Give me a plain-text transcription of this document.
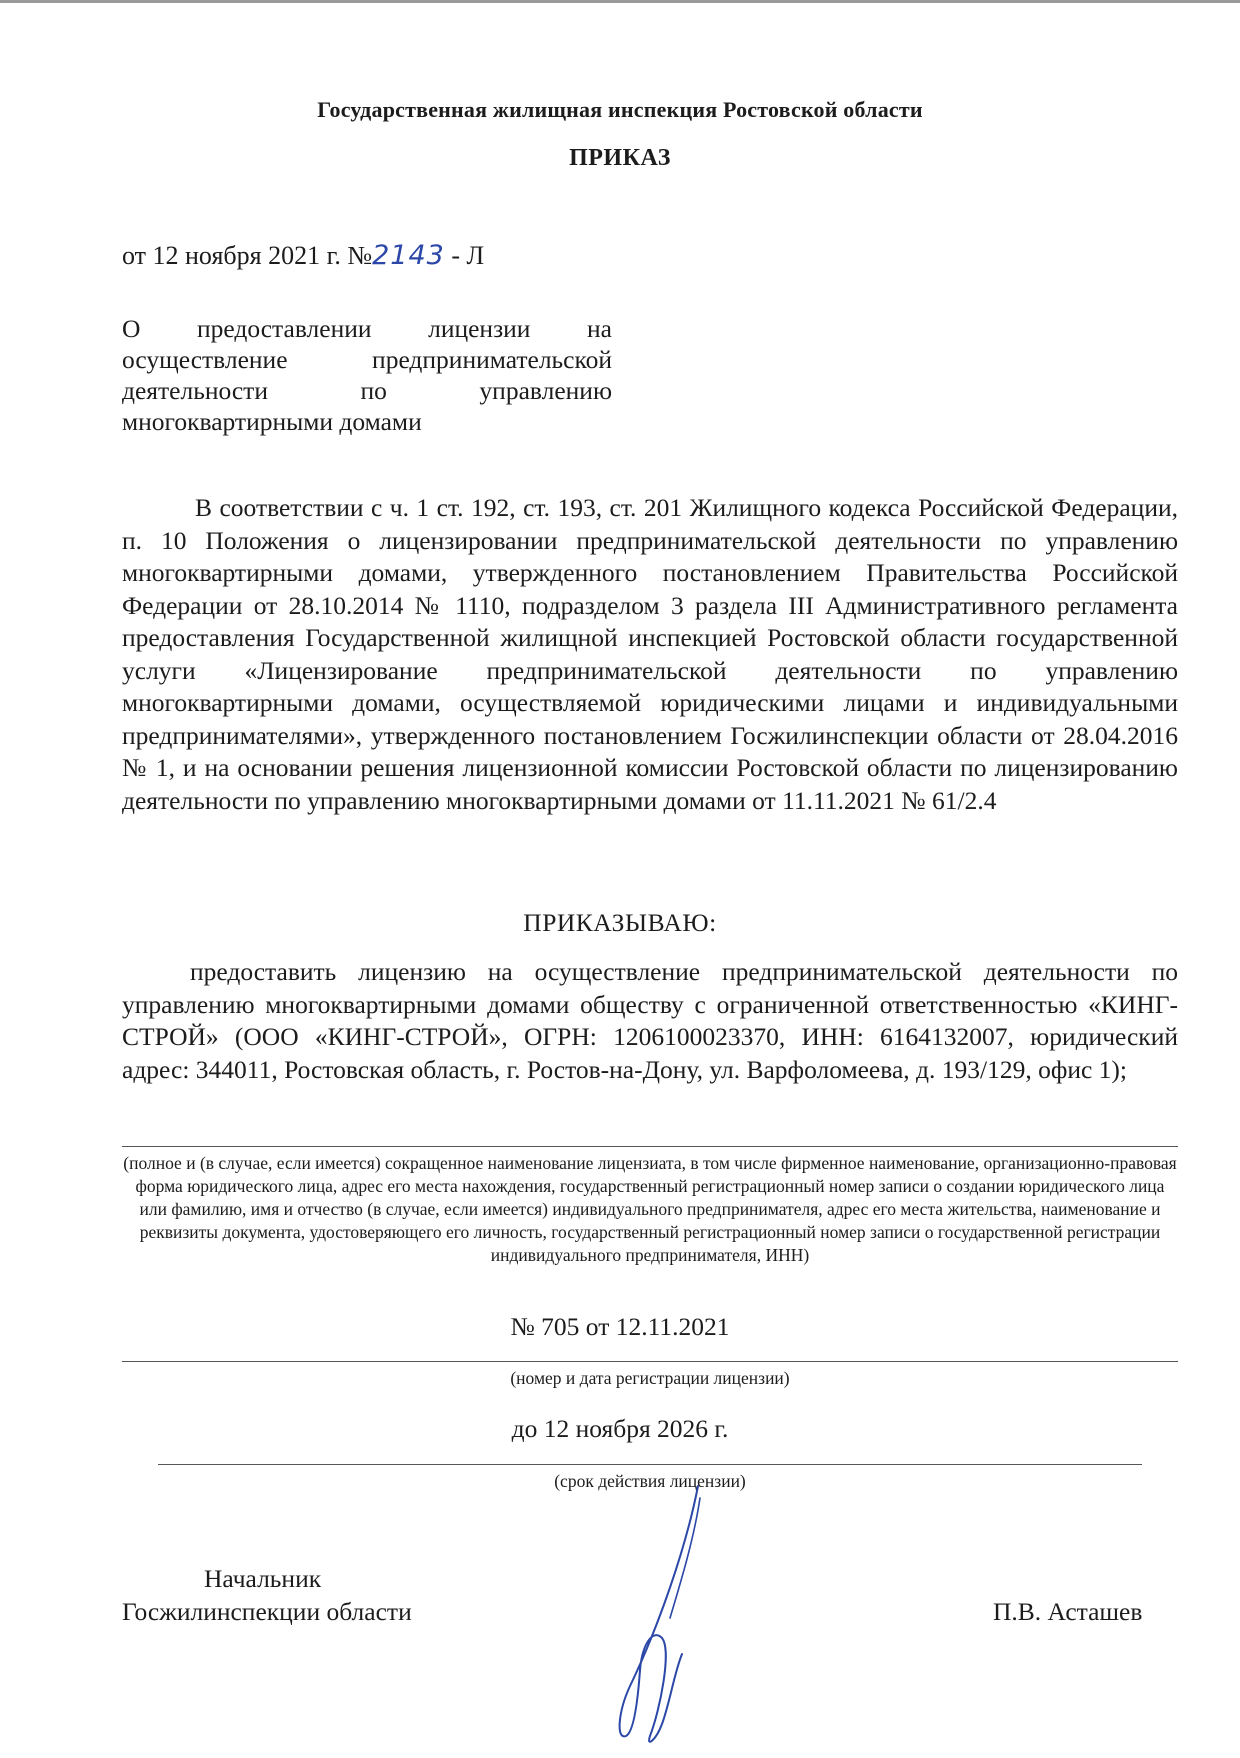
Государственная жилищная инспекция Ростовской области
ПРИКАЗ
от 12 ноября 2021 г. №2143 - Л
О предоставлении лицензии на осуществление предпринимательской деятельности по управлению многоквартирными домами
В соответствии с ч. 1 ст. 192, ст. 193, ст. 201 Жилищного кодекса Российской Федерации, п. 10 Положения о лицензировании предпринимательской деятельности по управлению многоквартирными домами, утвержденного постановлением Правительства Российской Федерации от 28.10.2014 № 1110, подразделом 3 раздела III Административного регламента предоставления Государственной жилищной инспекцией Ростовской области государственной услуги «Лицензирование предпринимательской деятельности по управлению многоквартирными домами, осуществляемой юридическими лицами и индивидуальными предпринимателями», утвержденного постановлением Госжилинспекции области от 28.04.2016 № 1, и на основании решения лицензионной комиссии Ростовской области по лицензированию деятельности по управлению многоквартирными домами от 11.11.2021 № 61/2.4
ПРИКАЗЫВАЮ:
предоставить лицензию на осуществление предпринимательской деятельности по управлению многоквартирными домами обществу с ограниченной ответственностью «КИНГ-СТРОЙ» (ООО «КИНГ-СТРОЙ», ОГРН: 1206100023370, ИНН: 6164132007, юридический адрес: 344011, Ростовская область, г. Ростов-на-Дону, ул. Варфоломеева, д. 193/129, офис 1);
(полное и (в случае, если имеется) сокращенное наименование лицензиата, в том числе фирменное наименование, организационно-правовая форма юридического лица, адрес его места нахождения, государственный регистрационный номер записи о создании юридического лица или фамилию, имя и отчество (в случае, если имеется) индивидуального предпринимателя, адрес его места жительства, наименование и реквизиты документа, удостоверяющего его личность, государственный регистрационный номер записи о государственной регистрации индивидуального предпринимателя, ИНН)
№ 705 от 12.11.2021
(номер и дата регистрации лицензии)
до 12 ноября 2026 г.
(срок действия лицензии)
Начальник
Госжилинспекции области	П.В. Асташев
